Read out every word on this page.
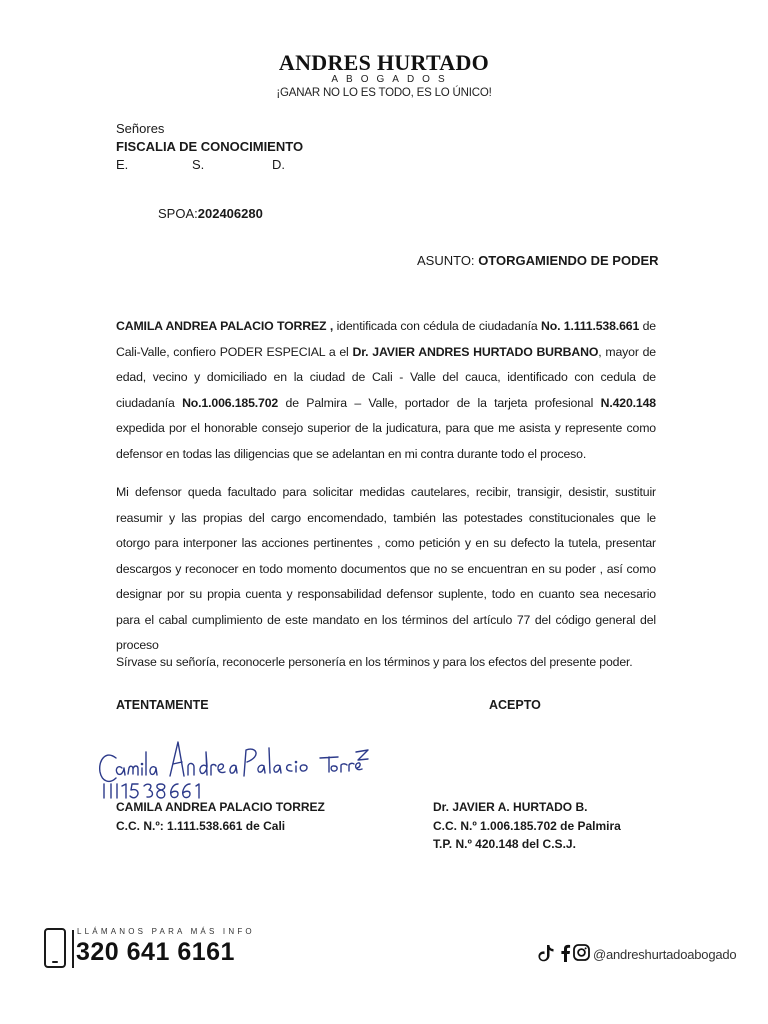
ANDRES HURTADO
ABOGADOS
¡GANAR NO LO ES TODO, ES LO ÚNICO!
Señores
FISCALIA DE CONOCIMIENTO
E.	S.	D.
SPOA:202406280
ASUNTO: OTORGAMIENDO DE PODER

CAMILA ANDREA PALACIO TORREZ , identificada con cédula de ciudadanía No. 1.111.538.661 de Cali-Valle, confiero PODER ESPECIAL a el Dr. JAVIER ANDRES HURTADO BURBANO, mayor de edad, vecino y domiciliado en la ciudad de Cali - Valle del cauca, identificado con cedula de ciudadanía No.1.006.185.702 de Palmira – Valle, portador de la tarjeta profesional N.420.148 expedida por el honorable consejo superior de la judicatura, para que me asista y represente como defensor en todas las diligencias que se adelantan en mi contra durante todo el proceso.

Mi defensor queda facultado para solicitar medidas cautelares, recibir, transigir, desistir, sustituir reasumir y las propias del cargo encomendado, también las potestades constitucionales que le otorgo para interponer las acciones pertinentes , como petición y en su defecto la tutela, presentar descargos y reconocer en todo momento documentos que no se encuentran en su poder , así como designar por su propia cuenta y responsabilidad defensor suplente, todo en cuanto sea necesario para el cabal cumplimiento de este mandato en los términos del artículo 77 del código general del proceso

Sírvase su señoría, reconocerle personería en los términos y para los efectos del presente poder.

ATENTAMENTE	ACEPTO
CAMILA ANDREA PALACIO TORREZ
C.C. N.º: 1.111.538.661 de Cali
Dr. JAVIER A. HURTADO B.
C.C. N.º 1.006.185.702 de Palmira
T.P. N.º 420.148 del C.S.J.
LLÁMANOS PARA MÁS INFO
320 641 6161	@andreshurtadoabogado
